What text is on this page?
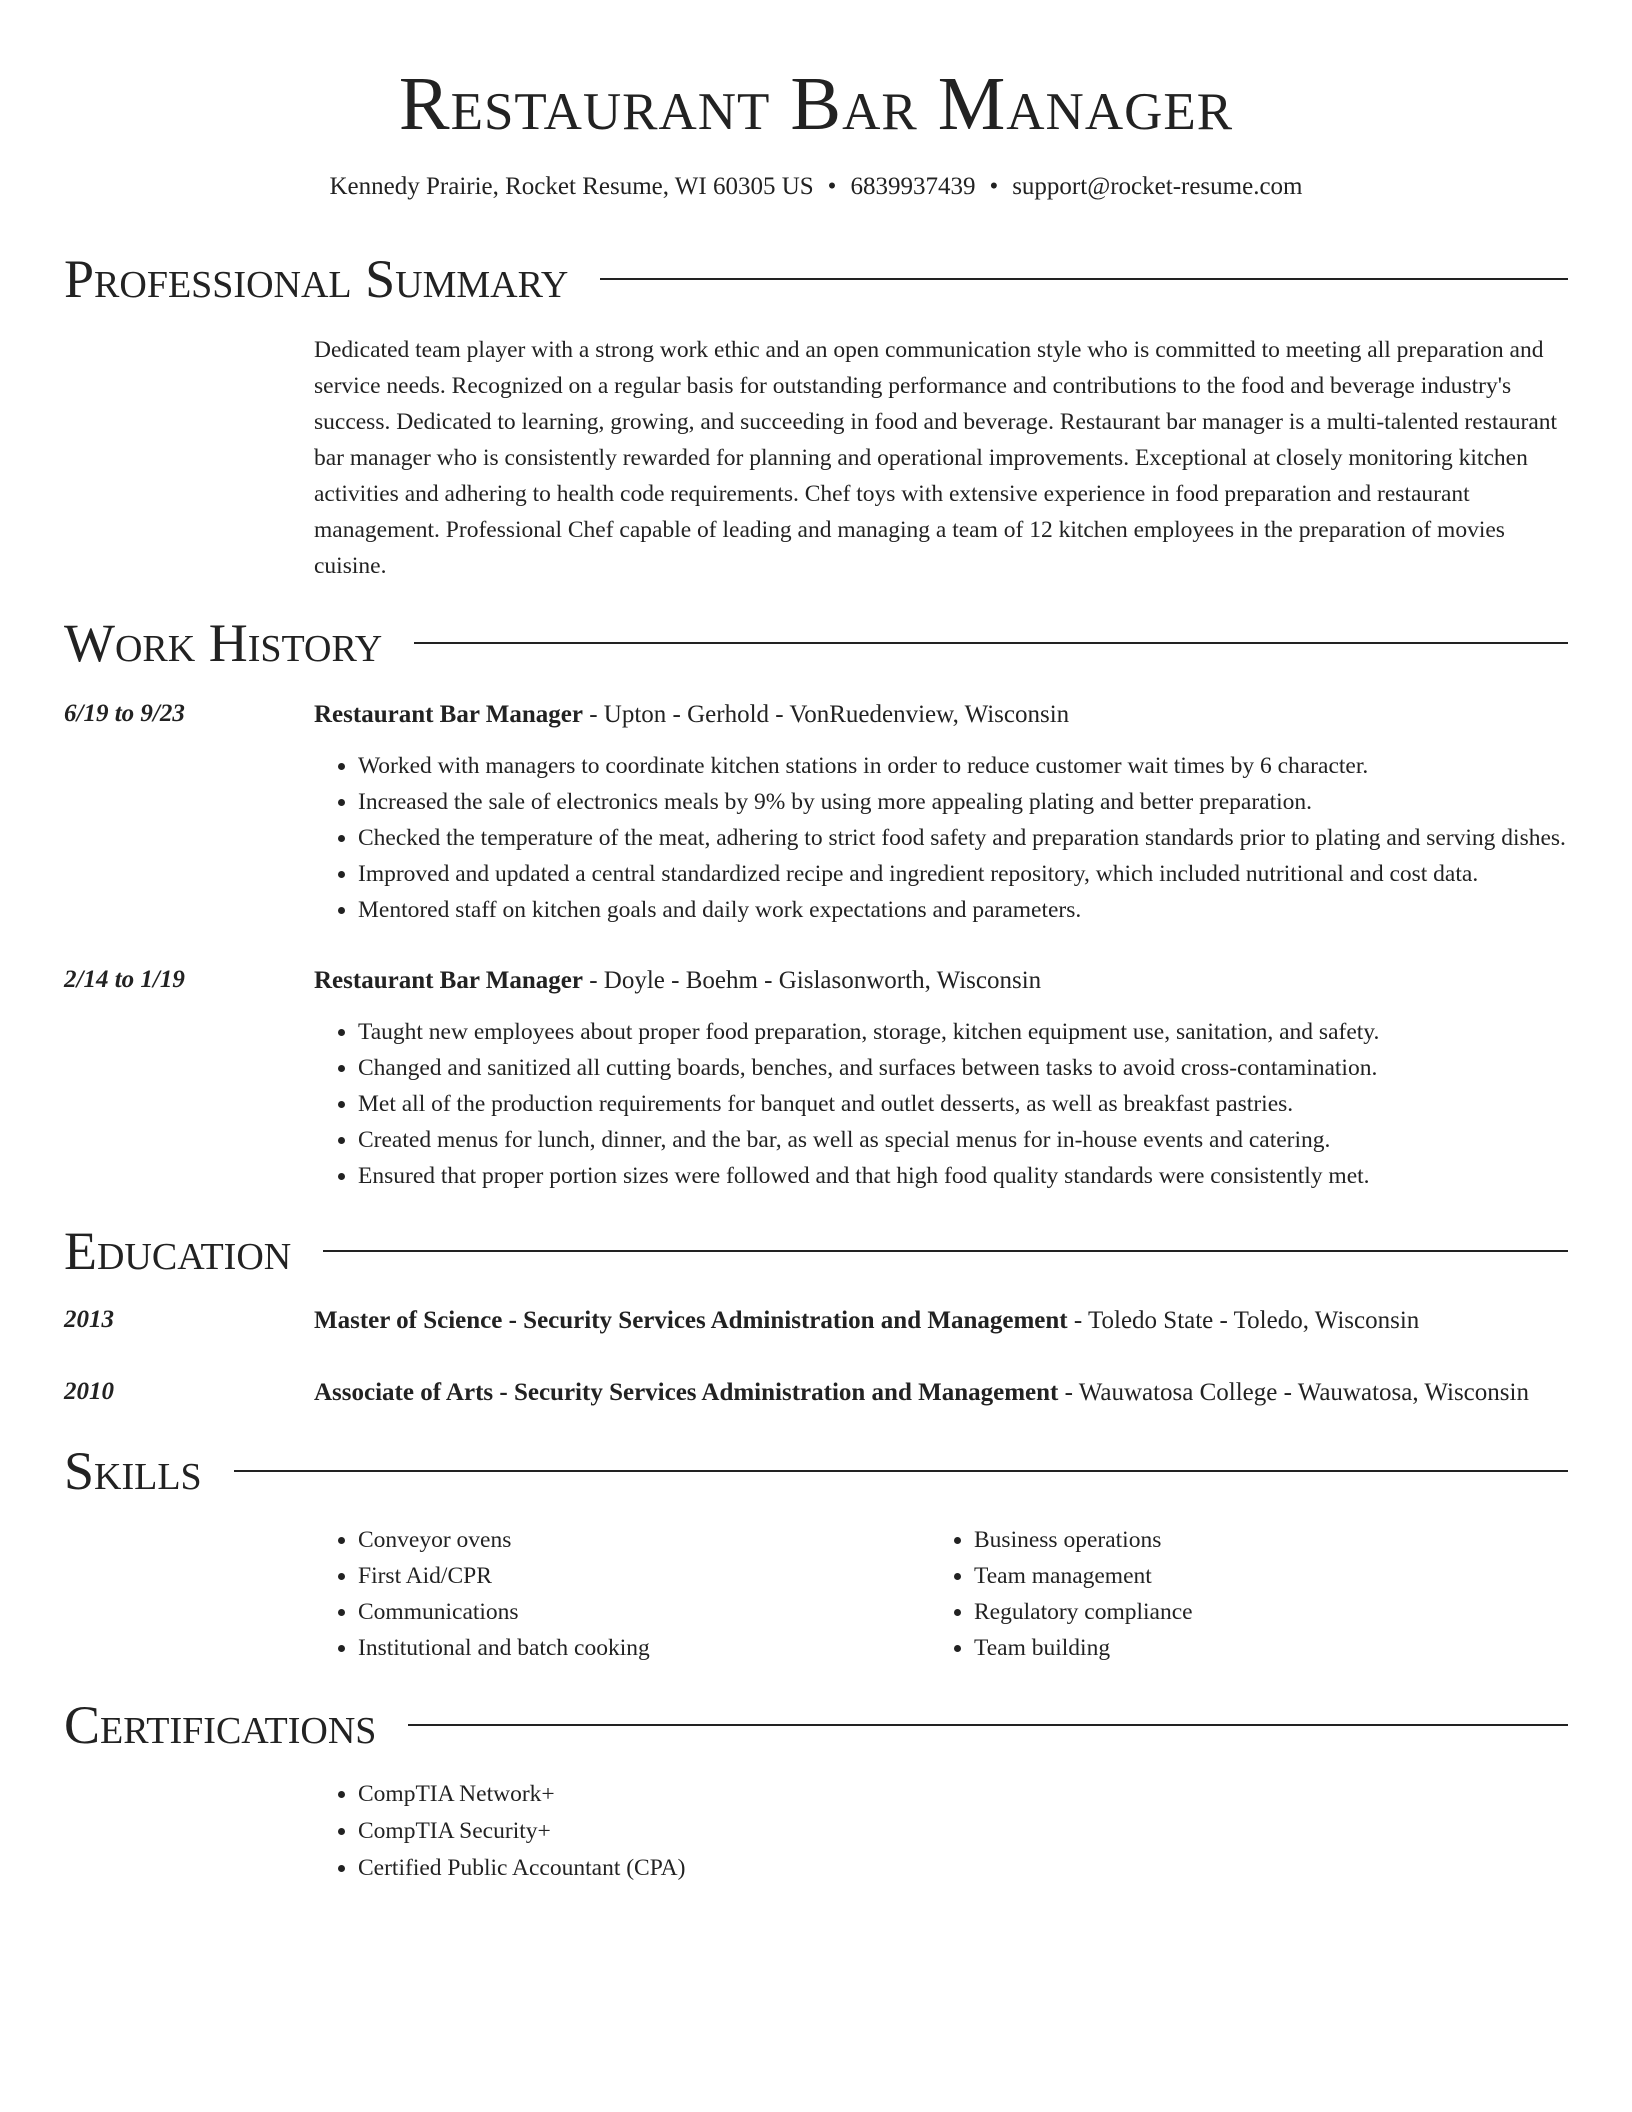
Restaurant Bar Manager
Kennedy Prairie, Rocket Resume, WI 60305 US • 6839937439 • support@rocket-resume.com
Professional Summary
Dedicated team player with a strong work ethic and an open communication style who is committed to meeting all preparation and service needs. Recognized on a regular basis for outstanding performance and contributions to the food and beverage industry's success. Dedicated to learning, growing, and succeeding in food and beverage. Restaurant bar manager is a multi-talented restaurant bar manager who is consistently rewarded for planning and operational improvements. Exceptional at closely monitoring kitchen activities and adhering to health code requirements. Chef toys with extensive experience in food preparation and restaurant management. Professional Chef capable of leading and managing a team of 12 kitchen employees in the preparation of movies cuisine.
Work History
6/19 to 9/23	Restaurant Bar Manager - Upton - Gerhold - VonRuedenview, Wisconsin
• Worked with managers to coordinate kitchen stations in order to reduce customer wait times by 6 character.
• Increased the sale of electronics meals by 9% by using more appealing plating and better preparation.
• Checked the temperature of the meat, adhering to strict food safety and preparation standards prior to plating and serving dishes.
• Improved and updated a central standardized recipe and ingredient repository, which included nutritional and cost data.
• Mentored staff on kitchen goals and daily work expectations and parameters.
2/14 to 1/19	Restaurant Bar Manager - Doyle - Boehm - Gislasonworth, Wisconsin
• Taught new employees about proper food preparation, storage, kitchen equipment use, sanitation, and safety.
• Changed and sanitized all cutting boards, benches, and surfaces between tasks to avoid cross-contamination.
• Met all of the production requirements for banquet and outlet desserts, as well as breakfast pastries.
• Created menus for lunch, dinner, and the bar, as well as special menus for in-house events and catering.
• Ensured that proper portion sizes were followed and that high food quality standards were consistently met.
Education
2013	Master of Science - Security Services Administration and Management - Toledo State - Toledo, Wisconsin
2010	Associate of Arts - Security Services Administration and Management - Wauwatosa College - Wauwatosa, Wisconsin
Skills
• Conveyor ovens
• First Aid/CPR
• Communications
• Institutional and batch cooking
• Business operations
• Team management
• Regulatory compliance
• Team building
Certifications
• CompTIA Network+
• CompTIA Security+
• Certified Public Accountant (CPA)
